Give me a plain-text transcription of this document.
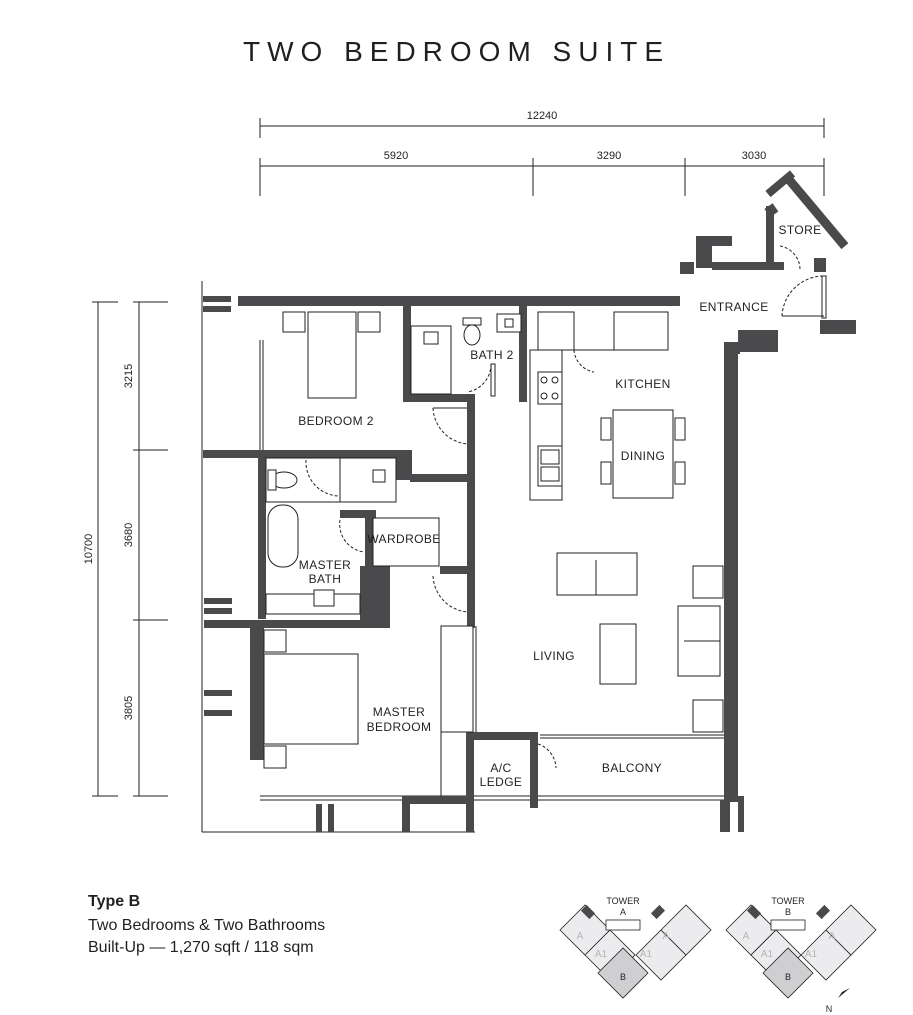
TWO BEDROOM SUITE
12240
5920	3290	3030
10700
3215
3680
3805
BEDROOM 2
BATH 2
KITCHEN
DINING
STORE
ENTRANCE
WARDROBE
MASTER
BATH
LIVING
MASTER
BEDROOM
A/C
LEDGE
BALCONY
TOWER
A
A
A1	A1
A
B
TOWER
B
A
A1	A1
A
B
N
Type B
Two Bedrooms & Two Bathrooms
Built-Up — 1,270 sqft / 118 sqm
